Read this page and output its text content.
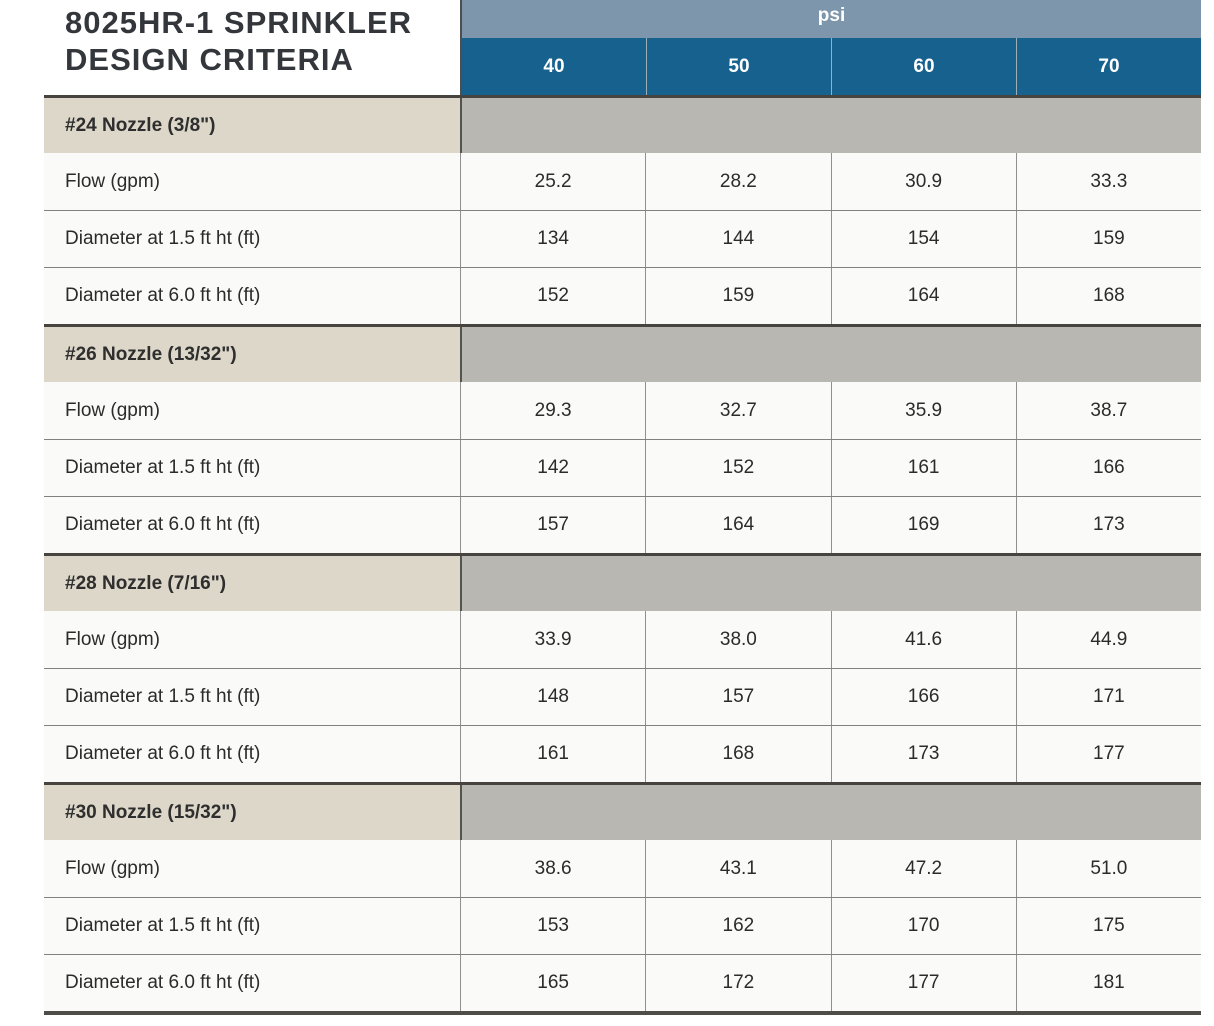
8025HR-1 SPRINKLER
DESIGN CRITERIA
psi
40	50	60	70
#24 Nozzle (3/8")
Flow (gpm)	25.2	28.2	30.9	33.3
Diameter at 1.5 ft ht (ft)	134	144	154	159
Diameter at 6.0 ft ht (ft)	152	159	164	168
#26 Nozzle (13/32")
Flow (gpm)	29.3	32.7	35.9	38.7
Diameter at 1.5 ft ht (ft)	142	152	161	166
Diameter at 6.0 ft ht (ft)	157	164	169	173
#28 Nozzle (7/16")
Flow (gpm)	33.9	38.0	41.6	44.9
Diameter at 1.5 ft ht (ft)	148	157	166	171
Diameter at 6.0 ft ht (ft)	161	168	173	177
#30 Nozzle (15/32")
Flow (gpm)	38.6	43.1	47.2	51.0
Diameter at 1.5 ft ht (ft)	153	162	170	175
Diameter at 6.0 ft ht (ft)	165	172	177	181
